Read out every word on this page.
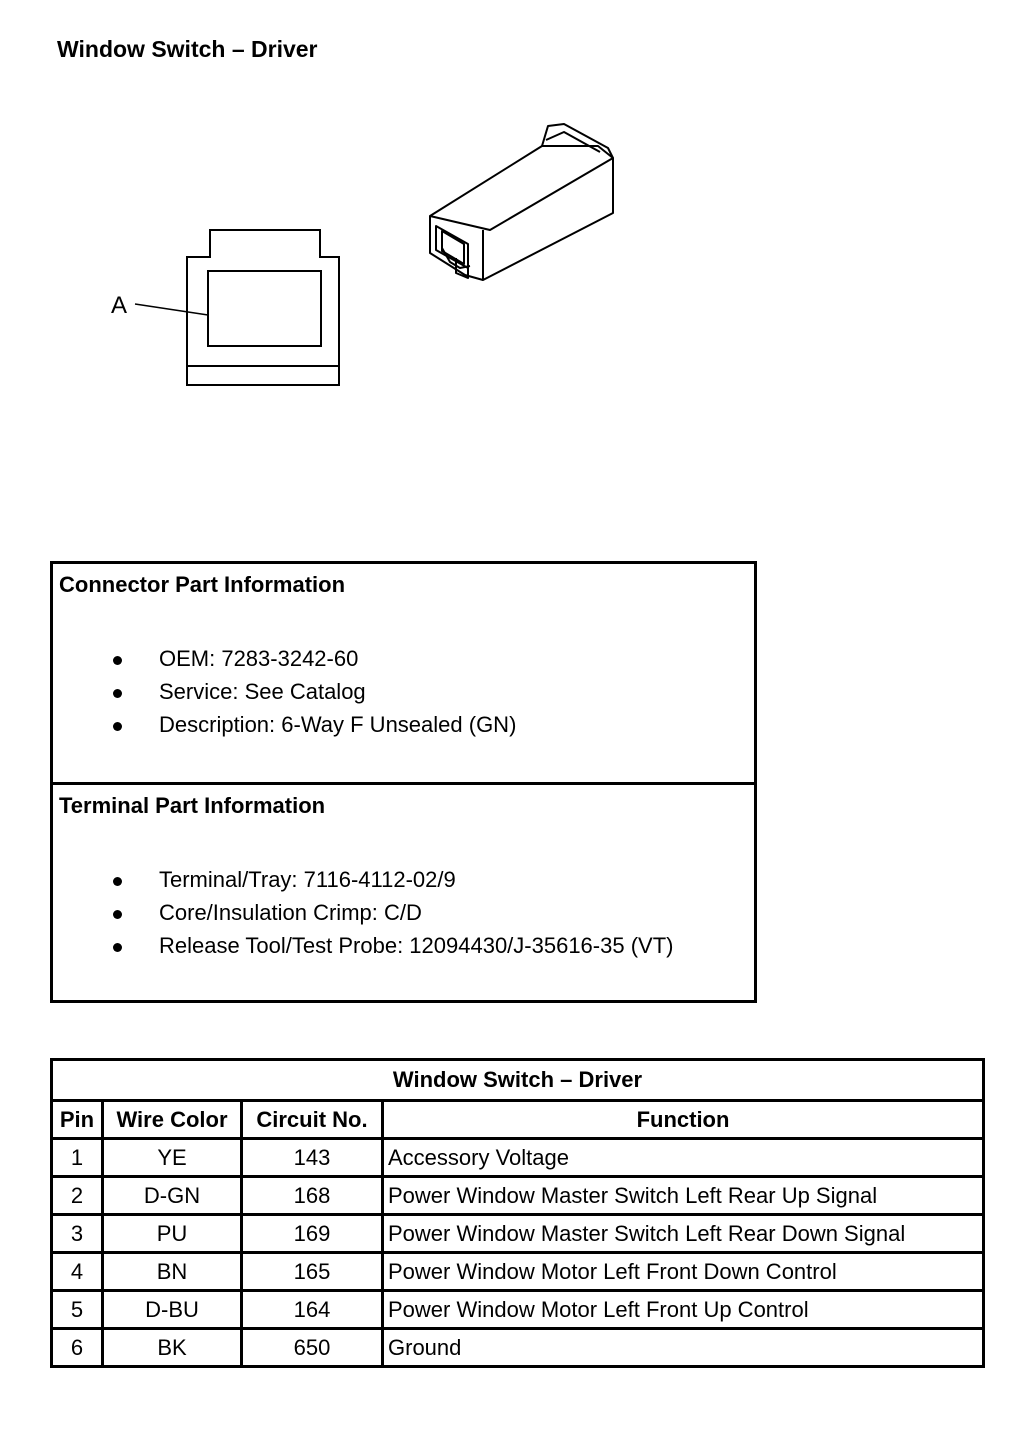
Window Switch – Driver
A
Connector Part Information
OEM: 7283-3242-60
Service: See Catalog
Description: 6-Way F Unsealed (GN)
Terminal Part Information
Terminal/Tray: 7116-4112-02/9
Core/Insulation Crimp: C/D
Release Tool/Test Probe: 12094430/J-35616-35 (VT)
Window Switch – Driver			
Pin	Wire Color	Circuit No.	Function
1	YE	143	Accessory Voltage
2	D-GN	168	Power Window Master Switch Left Rear Up Signal
3	PU	169	Power Window Master Switch Left Rear Down Signal
4	BN	165	Power Window Motor Left Front Down Control
5	D-BU	164	Power Window Motor Left Front Up Control
6	BK	650	Ground
